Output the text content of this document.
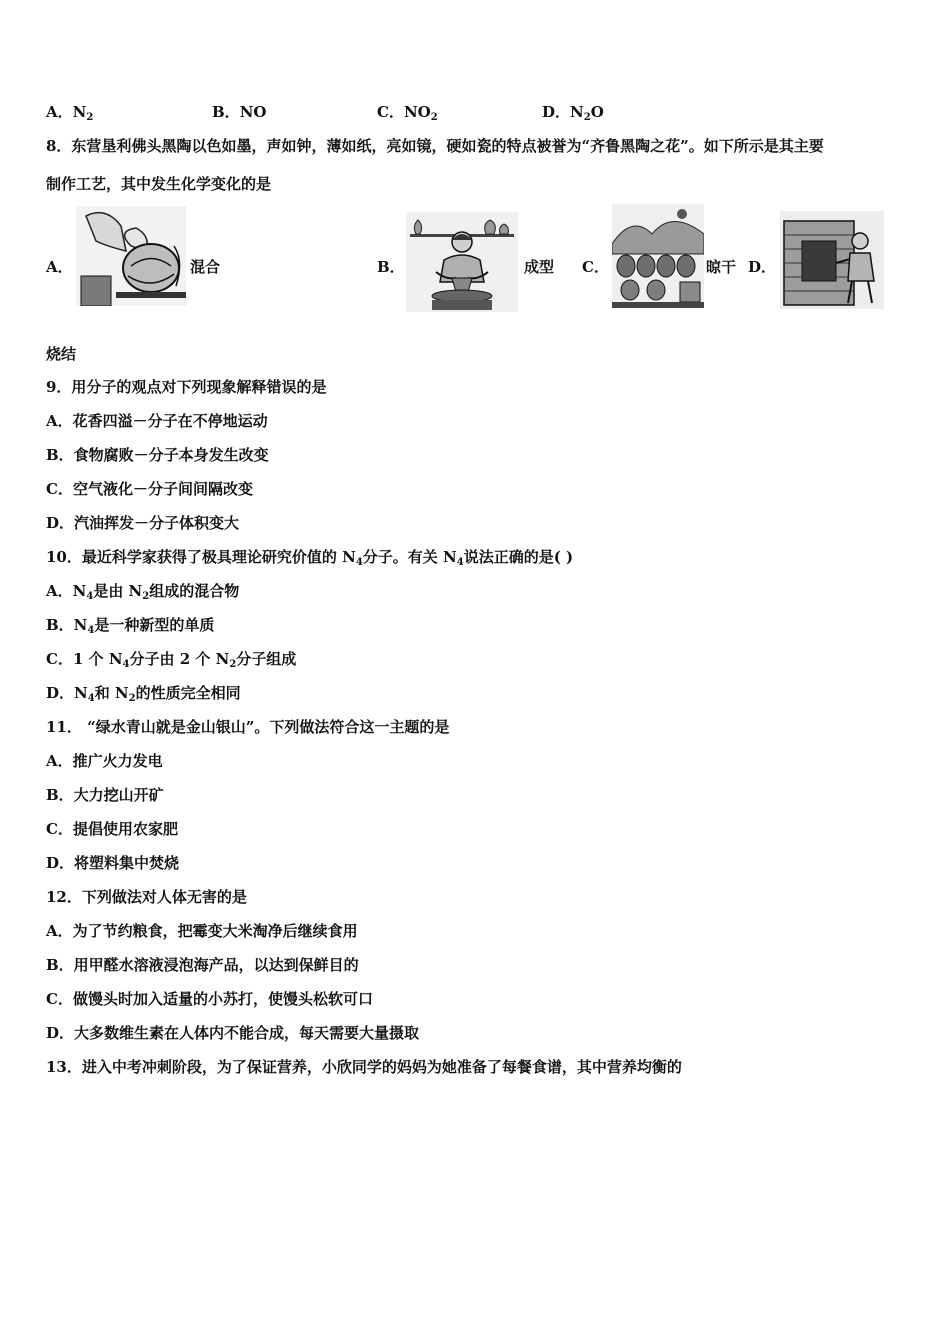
A．$N_2$	B．NO	C．$NO_2$	D．$N_2O$
8．东营垦利佛头黑陶以色如墨，声如钟，薄如纸，亮如镜，硬如瓷的特点被誉为“齐鲁黑陶之花”。如下所示是其主要
制作工艺，其中发生化学变化的是
A．	混合	B．	成型 C．	晾干 D．
烧结
9．用分子的观点对下列现象解释错误的是
A．花香四溢－分子在不停地运动
B．食物腐败－分子本身发生改变
C．空气液化－分子间间隔改变
D．汽油挥发－分子体积变大
10．最近科学家获得了极具理论研究价值的 $N_4$分子。有关 $N_4$说法正确的是( )
A．$N_4$是由 $N_2$组成的混合物
B．$N_4$是一种新型的单质
C．1 个 $N_4$分子由 2 个 $N_2$分子组成
D．$N_4$和 $N_2$的性质完全相同
11． “绿水青山就是金山银山”。下列做法符合这一主题的是
A．推广火力发电
B．大力挖山开矿
C．提倡使用农家肥
D．将塑料集中焚烧
12．下列做法对人体无害的是
A．为了节约粮食，把霉变大米淘净后继续食用
B．用甲醛水溶液浸泡海产品，以达到保鲜目的
C．做馒头时加入适量的小苏打，使馒头松软可口
D．大多数维生素在人体内不能合成，每天需要大量摄取
13．进入中考冲刺阶段，为了保证营养，小欣同学的妈妈为她准备了每餐食谱，其中营养均衡的
